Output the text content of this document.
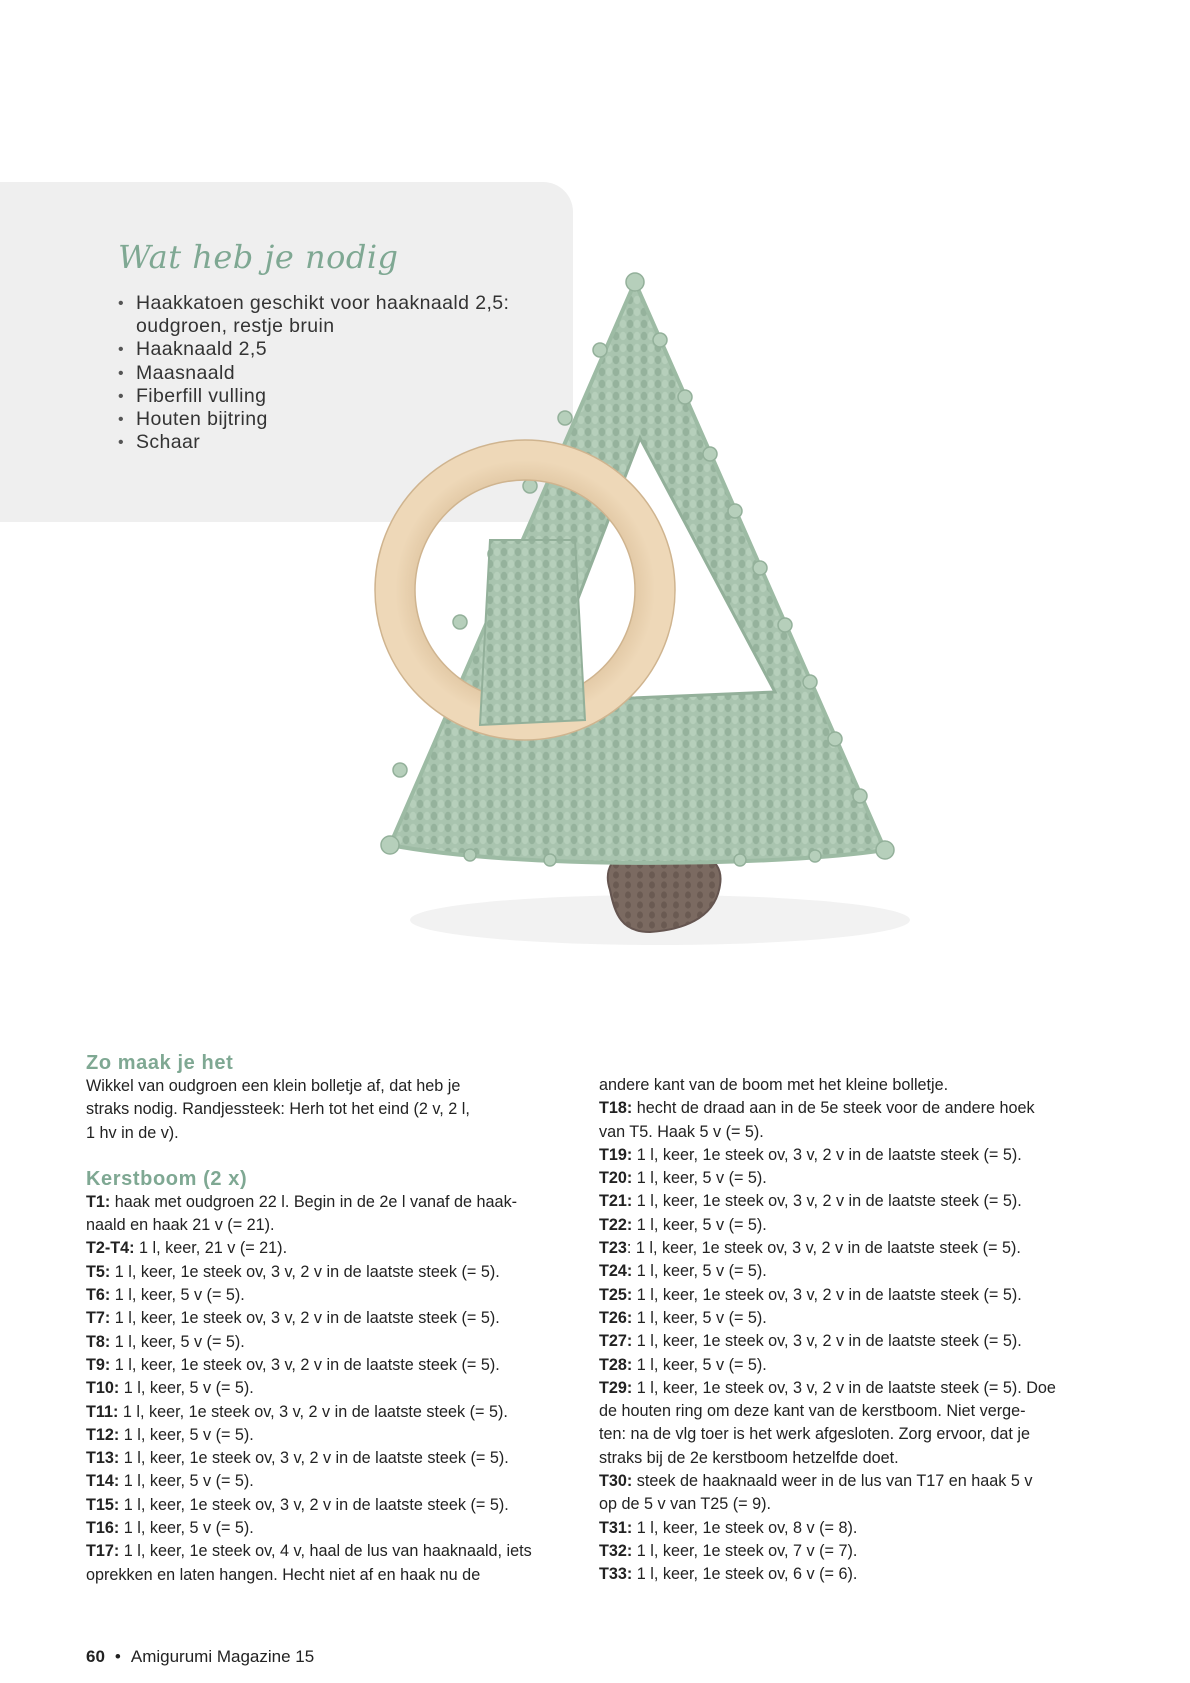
Wat heb je nodig
• Haakkatoen geschikt voor haaknaald 2,5:
oudgroen, restje bruin
• Haaknaald 2,5
• Maasnaald
• Fiberfill vulling
• Houten bijtring
• Schaar
Zo maak je het
Wikkel van oudgroen een klein bolletje af, dat heb je
straks nodig. Randjessteek: Herh tot het eind (2 v, 2 l,
1 hv in de v).
Kerstboom (2 x)
T1: haak met oudgroen 22 l. Begin in de 2e l vanaf de haak-
naald en haak 21 v (= 21).
T2-T4: 1 l, keer, 21 v (= 21).
T5: 1 l, keer, 1e steek ov, 3 v, 2 v in de laatste steek (= 5).
T6: 1 l, keer, 5 v (= 5).
T7: 1 l, keer, 1e steek ov, 3 v, 2 v in de laatste steek (= 5).
T8: 1 l, keer, 5 v (= 5).
T9: 1 l, keer, 1e steek ov, 3 v, 2 v in de laatste steek (= 5).
T10: 1 l, keer, 5 v (= 5).
T11: 1 l, keer, 1e steek ov, 3 v, 2 v in de laatste steek (= 5).
T12: 1 l, keer, 5 v (= 5).
T13: 1 l, keer, 1e steek ov, 3 v, 2 v in de laatste steek (= 5).
T14: 1 l, keer, 5 v (= 5).
T15: 1 l, keer, 1e steek ov, 3 v, 2 v in de laatste steek (= 5).
T16: 1 l, keer, 5 v (= 5).
T17: 1 l, keer, 1e steek ov, 4 v, haal de lus van haaknaald, iets
oprekken en laten hangen. Hecht niet af en haak nu de
andere kant van de boom met het kleine bolletje.
T18: hecht de draad aan in de 5e steek voor de andere hoek
van T5. Haak 5 v (= 5).
T19: 1 l, keer, 1e steek ov, 3 v, 2 v in de laatste steek (= 5).
T20: 1 l, keer, 5 v (= 5).
T21: 1 l, keer, 1e steek ov, 3 v, 2 v in de laatste steek (= 5).
T22: 1 l, keer, 5 v (= 5).
T23: 1 l, keer, 1e steek ov, 3 v, 2 v in de laatste steek (= 5).
T24: 1 l, keer, 5 v (= 5).
T25: 1 l, keer, 1e steek ov, 3 v, 2 v in de laatste steek (= 5).
T26: 1 l, keer, 5 v (= 5).
T27: 1 l, keer, 1e steek ov, 3 v, 2 v in de laatste steek (= 5).
T28: 1 l, keer, 5 v (= 5).
T29: 1 l, keer, 1e steek ov, 3 v, 2 v in de laatste steek (= 5). Doe
de houten ring om deze kant van de kerstboom. Niet verge-
ten: na de vlg toer is het werk afgesloten. Zorg ervoor, dat je
straks bij de 2e kerstboom hetzelfde doet.
T30: steek de haaknaald weer in de lus van T17 en haak 5 v
op de 5 v van T25 (= 9).
T31: 1 l, keer, 1e steek ov, 8 v (= 8).
T32: 1 l, keer, 1e steek ov, 7 v (= 7).
T33: 1 l, keer, 1e steek ov, 6 v (= 6).
60 • Amigurumi Magazine 15
